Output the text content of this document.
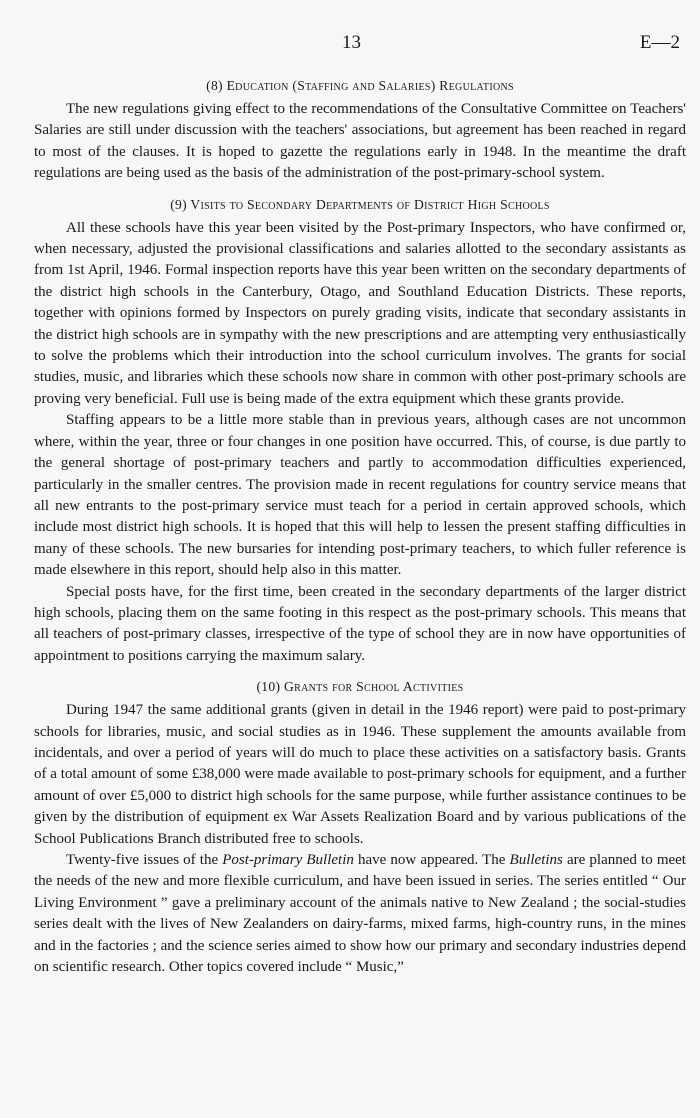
13	E—2
(8) Education (Staffing and Salaries) Regulations

The new regulations giving effect to the recommendations of the Consultative Committee on Teachers' Salaries are still under discussion with the teachers' associations, but agreement has been reached in regard to most of the clauses. It is hoped to gazette the regulations early in 1948. In the meantime the draft regulations are being used as the basis of the administration of the post-primary-school system.

(9) Visits to Secondary Departments of District High Schools

All these schools have this year been visited by the Post-primary Inspectors, who have confirmed or, when necessary, adjusted the provisional classifications and salaries allotted to the secondary assistants as from 1st April, 1946. Formal inspection reports have this year been written on the secondary departments of the district high schools in the Canterbury, Otago, and Southland Education Districts. These reports, together with opinions formed by Inspectors on purely grading visits, indicate that secondary assistants in the district high schools are in sympathy with the new prescriptions and are attempting very enthusiastically to solve the problems which their introduction into the school curriculum involves. The grants for social studies, music, and libraries which these schools now share in common with other post-primary schools are proving very beneficial. Full use is being made of the extra equipment which these grants provide.

Staffing appears to be a little more stable than in previous years, although cases are not uncommon where, within the year, three or four changes in one position have occurred. This, of course, is due partly to the general shortage of post-primary teachers and partly to accommodation difficulties experienced, particularly in the smaller centres. The provision made in recent regulations for country service means that all new entrants to the post-primary service must teach for a period in certain approved schools, which include most district high schools. It is hoped that this will help to lessen the present staffing difficulties in many of these schools. The new bursaries for intending post-primary teachers, to which fuller reference is made elsewhere in this report, should help also in this matter.

Special posts have, for the first time, been created in the secondary departments of the larger district high schools, placing them on the same footing in this respect as the post-primary schools. This means that all teachers of post-primary classes, irrespective of the type of school they are in now have opportunities of appointment to positions carrying the maximum salary.

(10) Grants for School Activities

During 1947 the same additional grants (given in detail in the 1946 report) were paid to post-primary schools for libraries, music, and social studies as in 1946. These supplement the amounts available from incidentals, and over a period of years will do much to place these activities on a satisfactory basis. Grants of a total amount of some £38,000 were made available to post-primary schools for equipment, and a further amount of over £5,000 to district high schools for the same purpose, while further assistance continues to be given by the distribution of equipment ex War Assets Realization Board and by various publications of the School Publications Branch distributed free to schools.

Twenty-five issues of the Post-primary Bulletin have now appeared. The Bulletins are planned to meet the needs of the new and more flexible curriculum, and have been issued in series. The series entitled “ Our Living Environment ” gave a preliminary account of the animals native to New Zealand ; the social-studies series dealt with the lives of New Zealanders on dairy-farms, mixed farms, high-country runs, in the mines and in the factories ; and the science series aimed to show how our primary and secondary industries depend on scientific research. Other topics covered include “ Music,”
